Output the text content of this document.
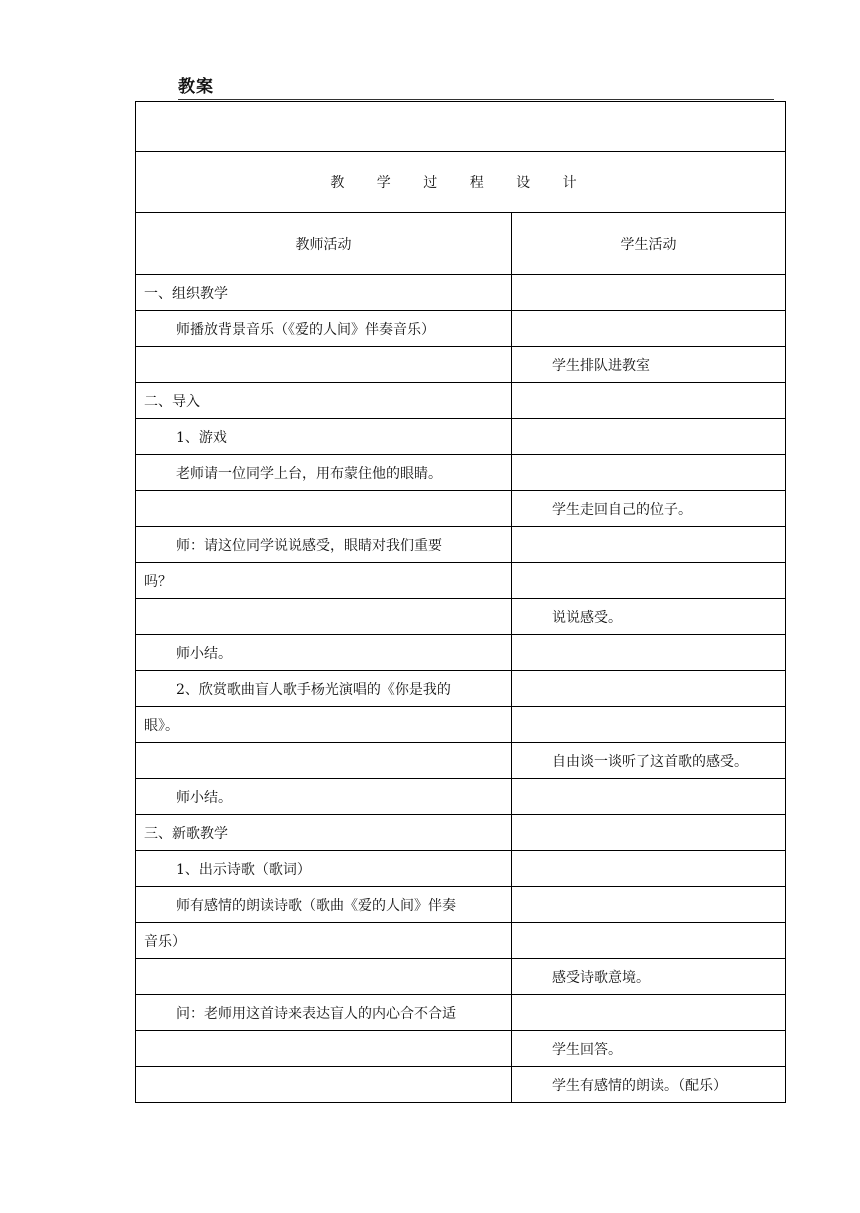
教案

教 学 过 程 设 计	
教师活动	学生活动

一、组织教学	

师播放背景音乐（《爱的人间》伴奏音乐）	

	学生排队进教室

二、导入	

1、游戏	

老师请一位同学上台，用布蒙住他的眼睛。	

	学生走回自己的位子。

师：请这位同学说说感受，眼睛对我们重要	

吗？	

	说说感受。

师小结。	

2、欣赏歌曲盲人歌手杨光演唱的《你是我的	

眼》。	

	自由谈一谈听了这首歌的感受。

师小结。	

三、新歌教学	

1、出示诗歌（歌词）	

师有感情的朗读诗歌（歌曲《爱的人间》伴奏	

音乐）	

	感受诗歌意境。

问：老师用这首诗来表达盲人的内心合不合适	

	学生回答。

	学生有感情的朗读。（配乐）
